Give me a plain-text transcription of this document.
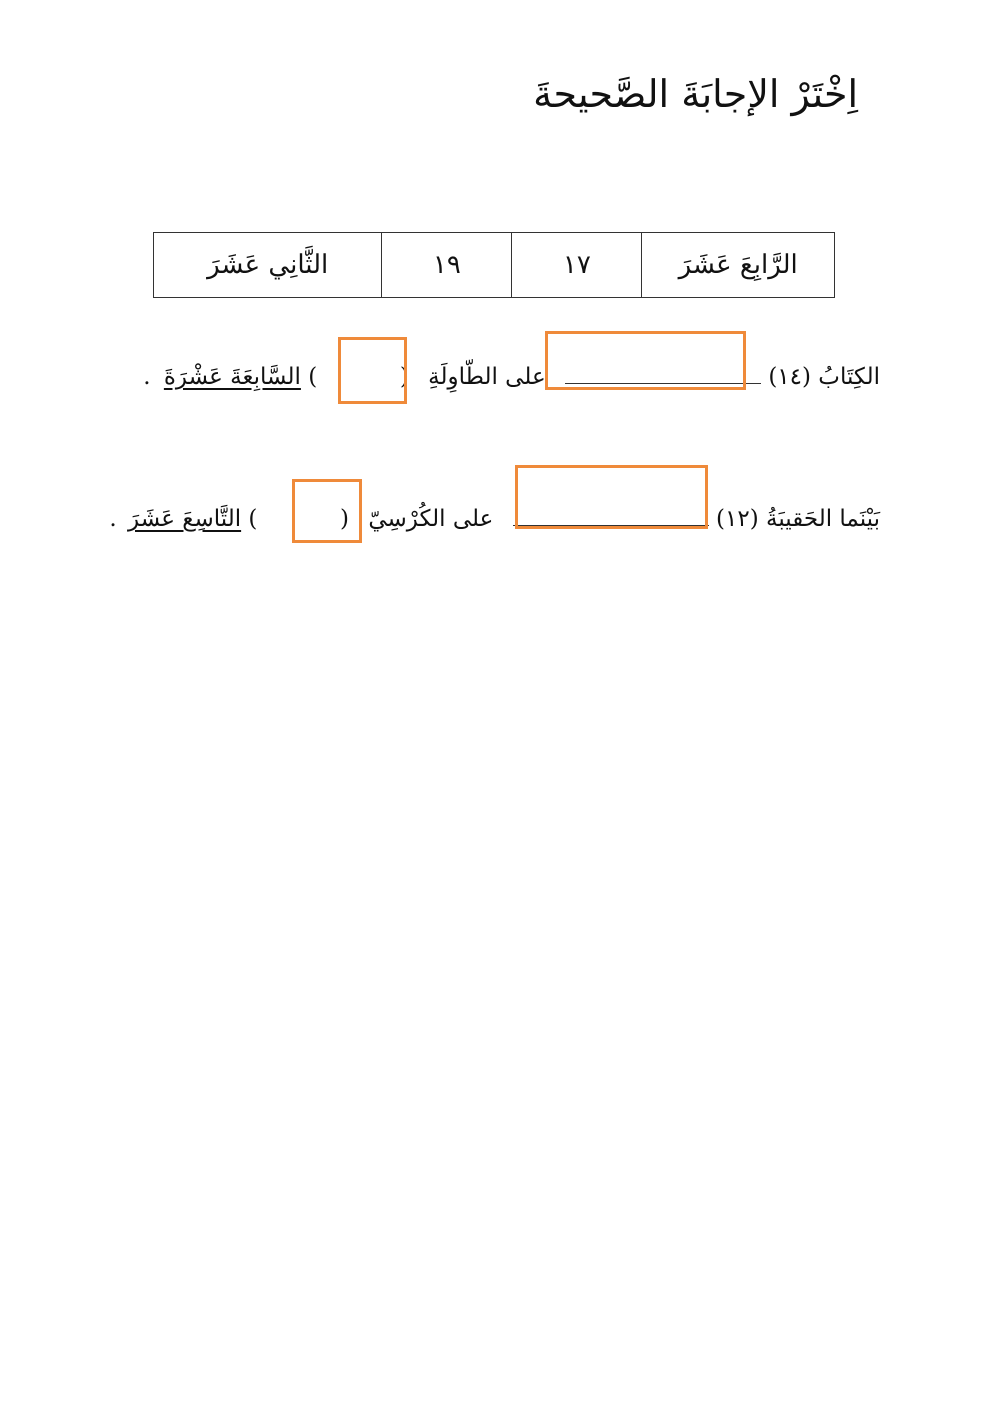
اِخْتَرْ الإجابَةَ الصَّحيحةَ
الرَّابِعَ عَشَرَ	١٧	١٩	الثَّانِي عَشَرَ
الكِتَابُ (١٤)  على الطّاوِلَةِ (  ) السَّابِعَةَ عَشْرَةَ .
بَيْنَما الحَقيبَةُ (١٢)  على الكُرْسِيّ (  ) التَّاسِعَ عَشَرَ .
